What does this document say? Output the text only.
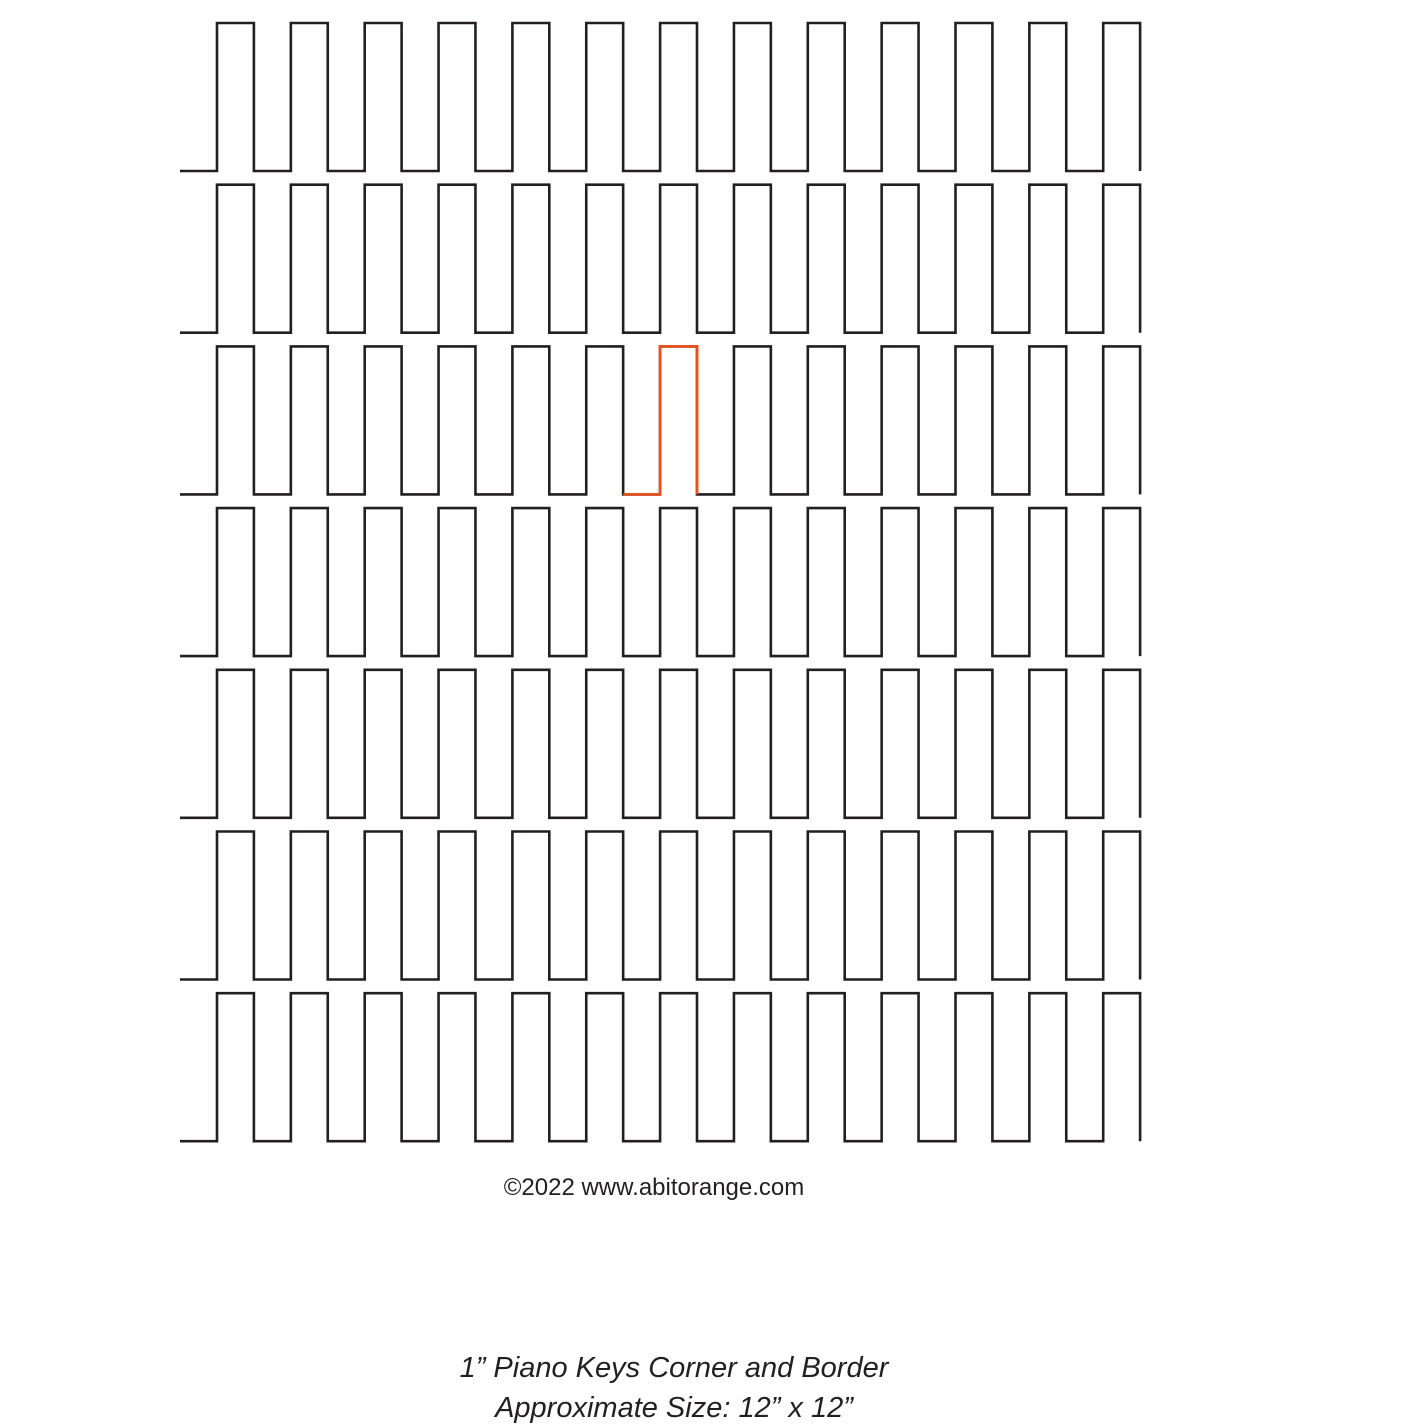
©2022 www.abitorange.com
1” Piano Keys Corner and Border
Approximate Size: 12” x 12”
